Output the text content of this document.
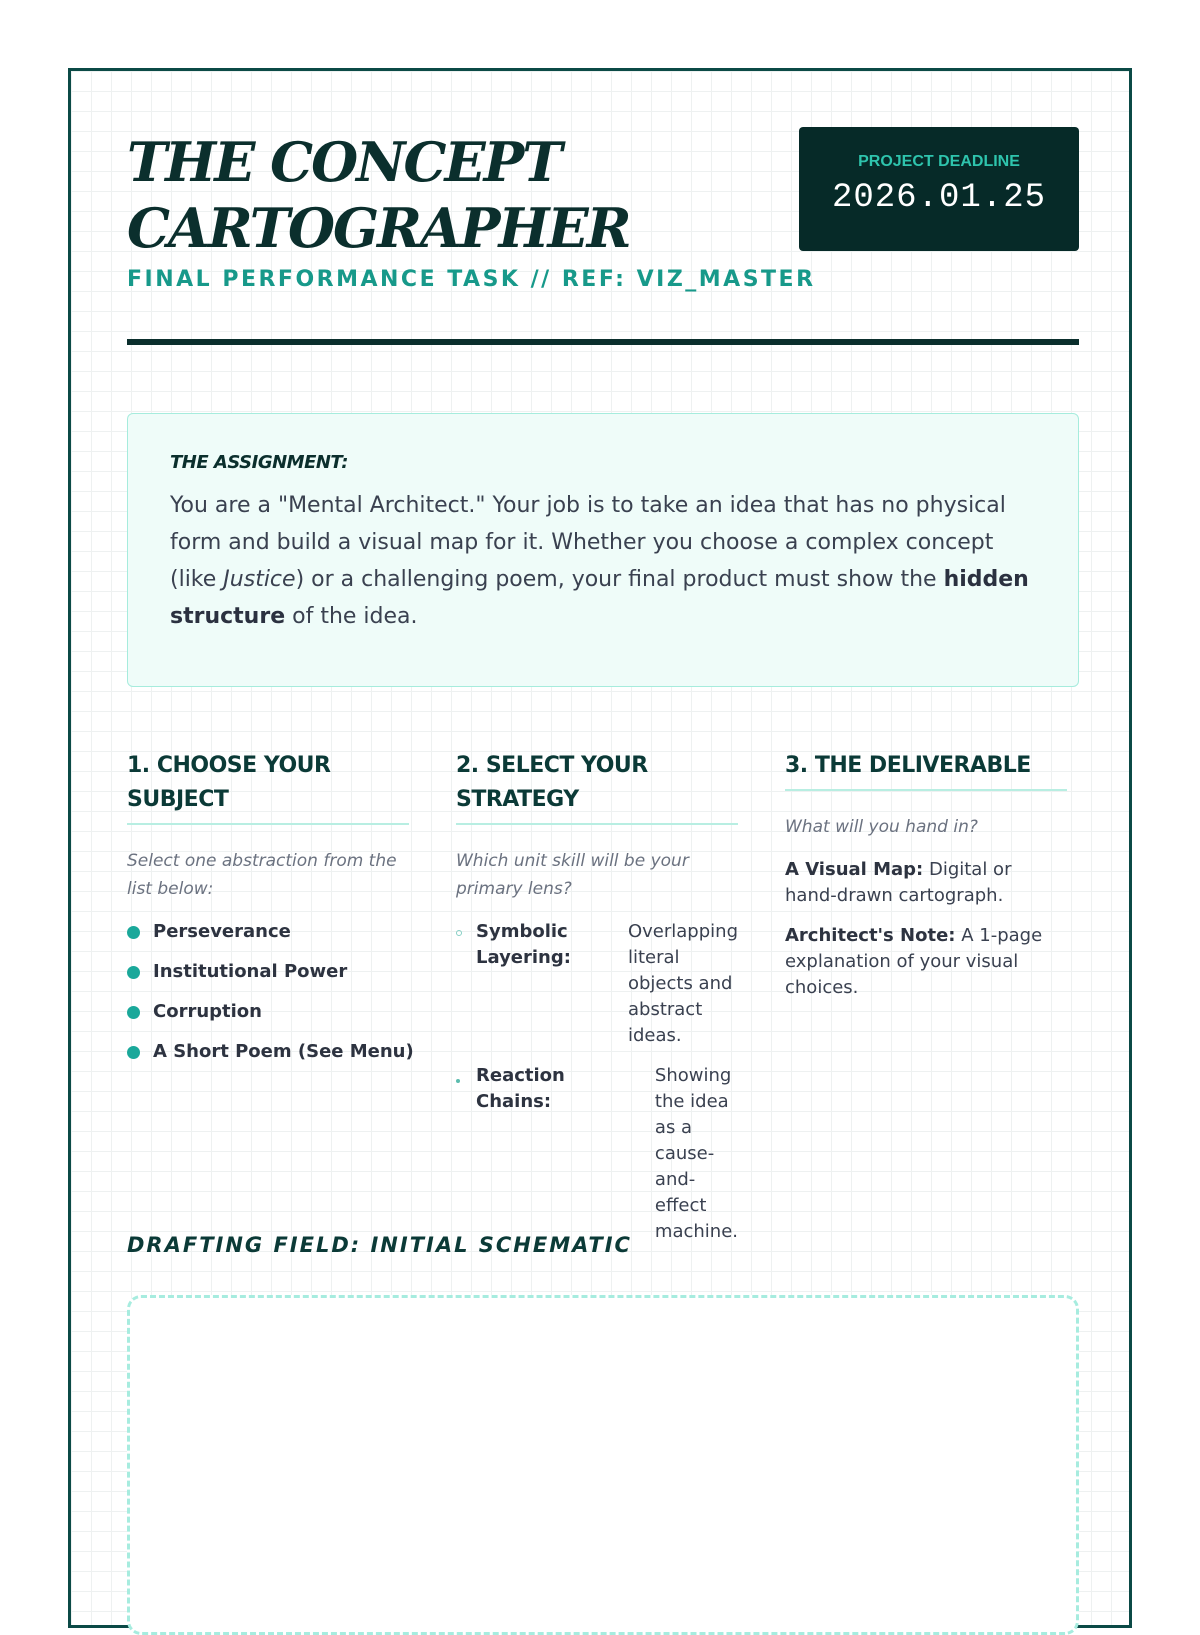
THE CONCEPT CARTOGRAPHER
FINAL PERFORMANCE TASK // REF: VIZ_MASTER
PROJECT DEADLINE
2026.01.25
THE ASSIGNMENT:
You are a "Mental Architect." Your job is to take an idea that has no physical form and build a visual map for it. Whether you choose a complex concept (like Justice) or a challenging poem, your final product must show the hidden structure of the idea.
1. CHOOSE YOUR SUBJECT
Select one abstraction from the list below:
Perseverance
Institutional Power
Corruption
A Short Poem (See Menu)
2. SELECT YOUR STRATEGY
Which unit skill will be your primary lens?
Symbolic Layering:
Overlapping literal objects and abstract ideas.
Reaction Chains:
Showing the idea as a cause-and-effect machine.
3. THE DELIVERABLE
What will you hand in?

A Visual Map: Digital or hand-drawn cartograph.

Architect's Note: A 1-page explanation of your visual choices.

DRAFTING FIELD: INITIAL SCHEMATIC
